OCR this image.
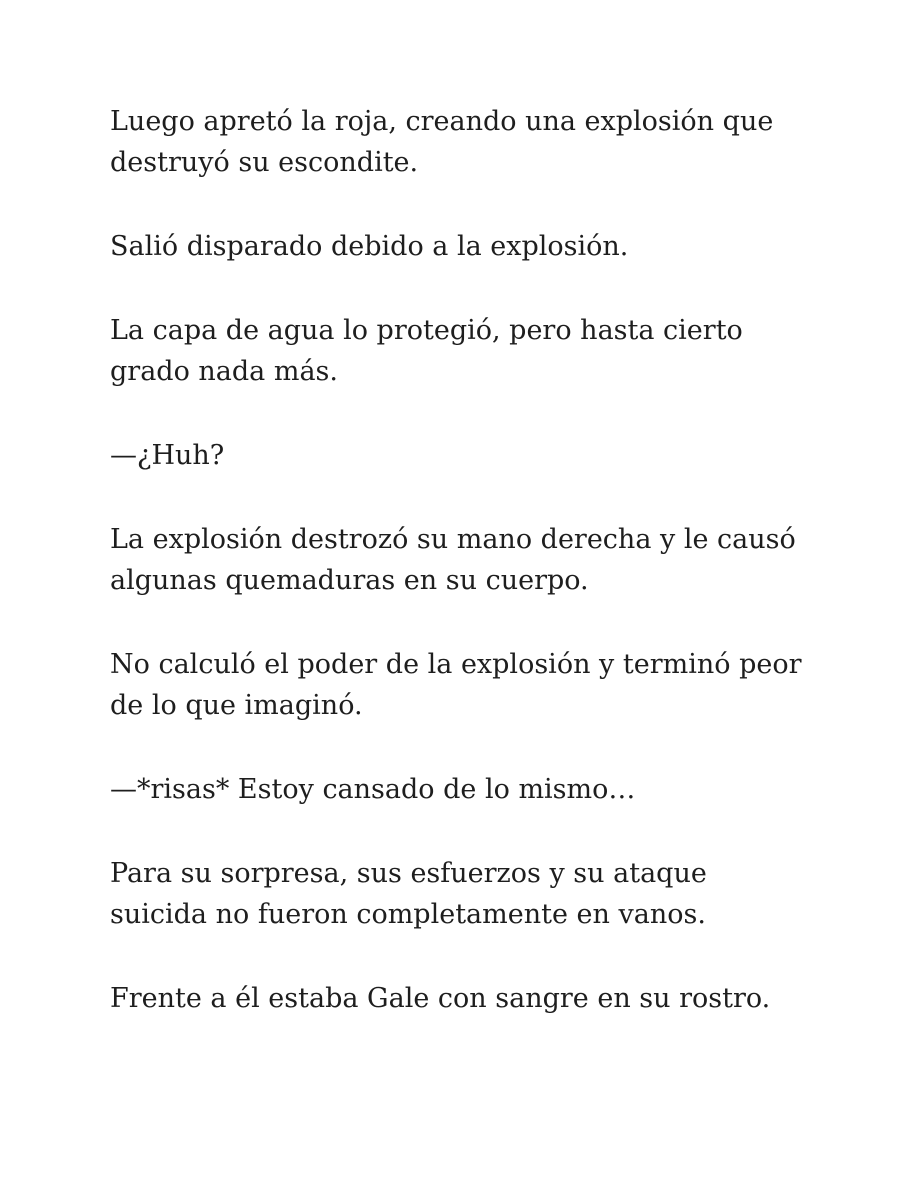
Luego apretó la roja, creando una explosión que destruyó su escondite.

Salió disparado debido a la explosión.

La capa de agua lo protegió, pero hasta cierto grado nada más.

—¿Huh?

La explosión destrozó su mano derecha y le causó algunas quemaduras en su cuerpo.

No calculó el poder de la explosión y terminó peor de lo que imaginó.

—*risas* Estoy cansado de lo mismo…

Para su sorpresa, sus esfuerzos y su ataque suicida no fueron completamente en vanos.

Frente a él estaba Gale con sangre en su rostro.
